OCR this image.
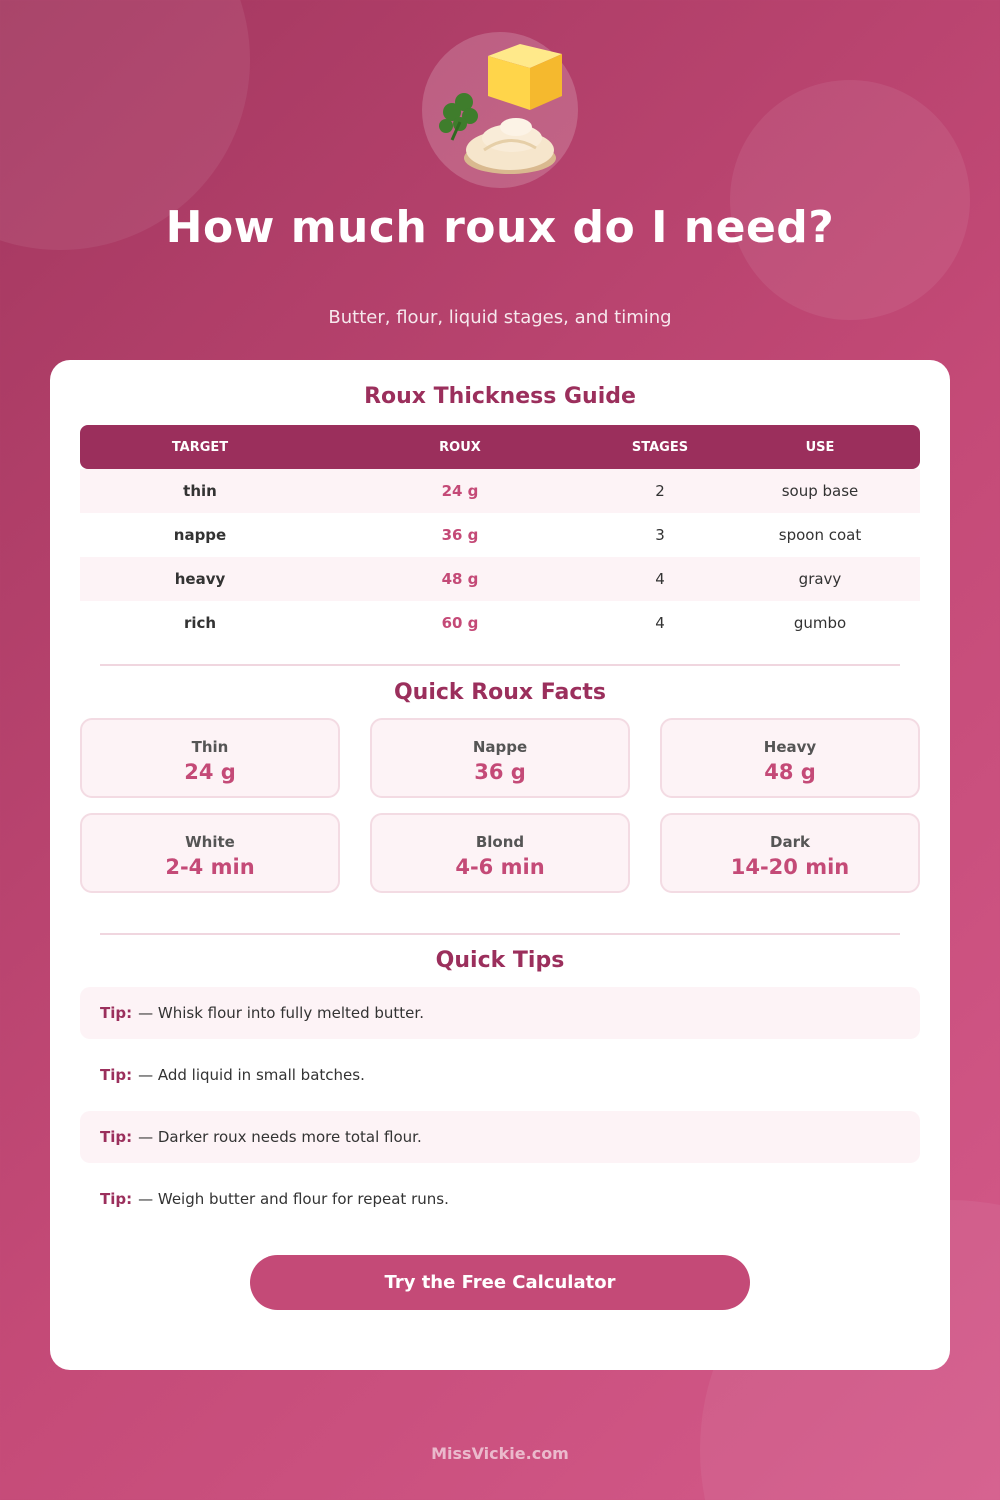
How much roux do I need?
Butter, flour, liquid stages, and timing
Roux Thickness Guide
TARGET	ROUX	STAGES	USE
thin	24 g	2	soup base
nappe	36 g	3	spoon coat
heavy	48 g	4	gravy
rich	60 g	4	gumbo
Quick Roux Facts
Thin
24 g
Nappe
36 g
Heavy
48 g
White
2-4 min
Blond
4-6 min
Dark
14-20 min
Quick Tips
Tip: — Whisk flour into fully melted butter.
Tip: — Add liquid in small batches.
Tip: — Darker roux needs more total flour.
Tip: — Weigh butter and flour for repeat runs.
Try the Free Calculator
MissVickie.com
